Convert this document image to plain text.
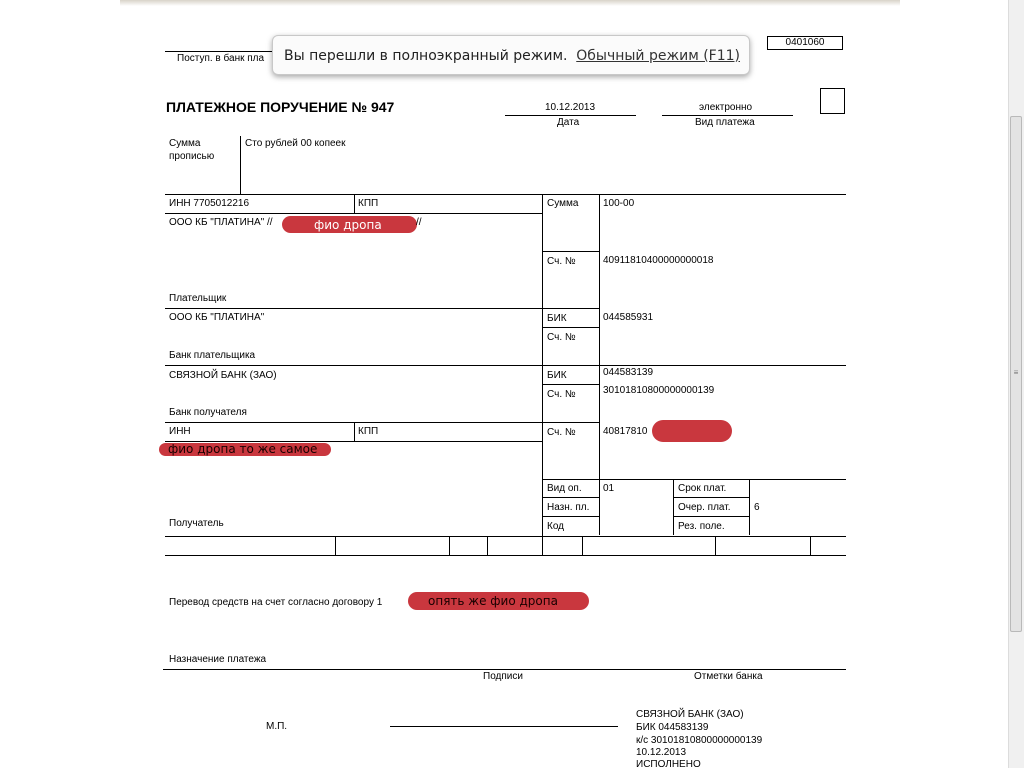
Поступ. в банк пла
0401060
ПЛАТЕЖНОЕ ПОРУЧЕНИЕ № 947	10.12.2013
Дата
электронно
Вид платежа
Сумма
прописью
Сто рублей 00 копеек
ИНН 7705012216	КПП
ООО КБ "ПЛАТИНА" //	фио дропа	//
Плательщик
Сумма 100-00
Сч. №	40911810400000000018
ООО КБ "ПЛАТИНА"	БИК	044585931
Сч. №
Банк плательщика
СВЯЗНОЙ БАНК (ЗАО)	БИК	044583139
Сч. №	30101810800000000139
Банк получателя
ИНН	КПП	Сч. №	40817810
фио дропа то же самое
Получатель
Вид оп. 01	Срок плат.
Назн. пл.	Очер. плат. 6
Код	Рез. поле.
Перевод средств на счет согласно договору 1	опять же фио дропа
Назначение платежа
Подписи	Отметки банка
М.П.
СВЯЗНОЙ БАНК (ЗАО)
БИК 044583139
к/с 30101810800000000139
10.12.2013
ИСПОЛНЕНО
Вы перешли в полноэкранный режим. Обычный режим (F11)
≡
